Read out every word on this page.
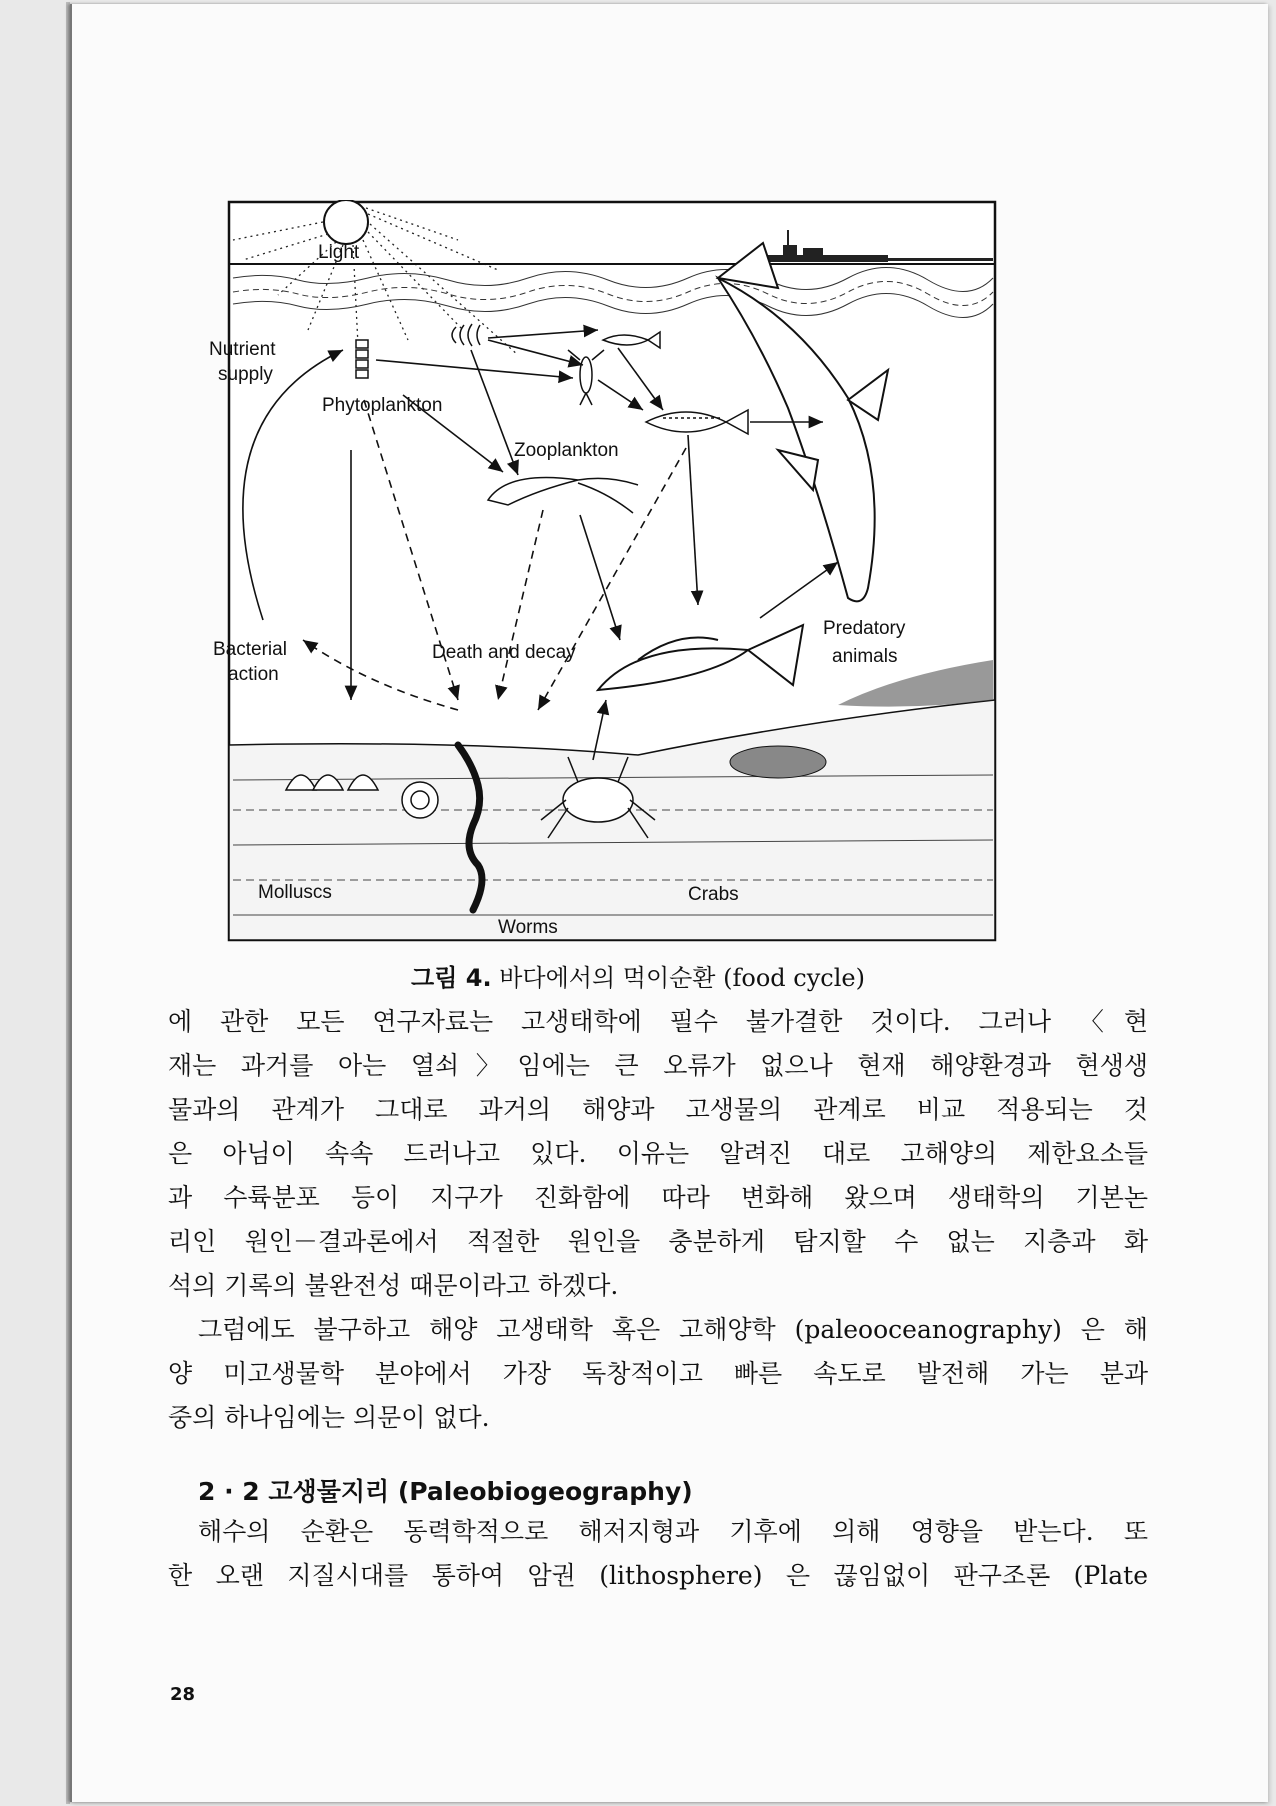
Light
Nutrient
supply
Phytoplankton
Zooplankton
Bacterial
action
Death and decay
Predatory
animals
Molluscs
Worms
Crabs
그림 4. 바다에서의 먹이순환 (food cycle)
에 관한 모든 연구자료는 고생태학에 필수 불가결한 것이다. 그러나 〈현
재는 과거를 아는 열쇠〉임에는 큰 오류가 없으나 현재 해양환경과 현생생
물과의 관계가 그대로 과거의 해양과 고생물의 관계로 비교 적용되는 것
은 아님이 속속 드러나고 있다. 이유는 알려진 대로 고해양의 제한요소들
과 수륙분포 등이 지구가 진화함에 따라 변화해 왔으며 생태학의 기본논
리인 원인－결과론에서 적절한 원인을 충분하게 탐지할 수 없는 지층과 화
석의 기록의 불완전성 때문이라고 하겠다.
그럼에도 불구하고 해양 고생태학 혹은 고해양학 (paleooceanography) 은 해
양 미고생물학 분야에서 가장 독창적이고 빠른 속도로 발전해 가는 분과
중의 하나임에는 의문이 없다.
2 · 2 고생물지리 (Paleobiogeography)
해수의 순환은 동력학적으로 해저지형과 기후에 의해 영향을 받는다. 또
한 오랜 지질시대를 통하여 암권 (lithosphere) 은 끊임없이 판구조론 (Plate
28
